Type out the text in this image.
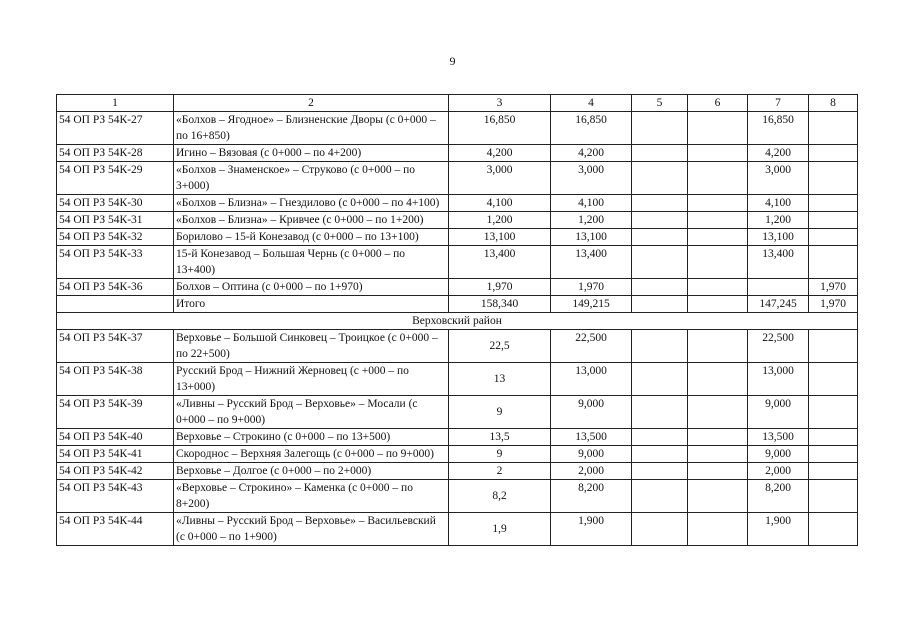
9
1	2	3	4	5	6	7	8
54 ОП РЗ 54К-27	«Болхов – Ягодное» – Близненские Дворы (с 0+000 – по 16+850)	16,850	16,850			16,850	
54 ОП РЗ 54К-28	Игино – Вязовая (с 0+000 – по 4+200)	4,200	4,200			4,200	
54 ОП РЗ 54К-29	«Болхов – Знаменское» – Струково (с 0+000 – по 3+000)	3,000	3,000			3,000	
54 ОП РЗ 54К-30	«Болхов – Близна» – Гнездилово (с 0+000 – по 4+100)	4,100	4,100			4,100	
54 ОП РЗ 54К-31	«Болхов – Близна» – Кривчее (с 0+000 – по 1+200)	1,200	1,200			1,200	
54 ОП РЗ 54К-32	Борилово – 15-й Конезавод (с 0+000 – по 13+100)	13,100	13,100			13,100	
54 ОП РЗ 54К-33	15-й Конезавод – Большая Чернь (с 0+000 – по 13+400)	13,400	13,400			13,400	
54 ОП РЗ 54К-36	Болхов – Оптина (с 0+000 – по 1+970)	1,970	1,970				1,970
	Итого	158,340	149,215			147,245	1,970
Верховский район							
54 ОП РЗ 54К-37	Верховье – Большой Синковец – Троицкое (с 0+000 – по 22+500)	22,5	22,500			22,500	
54 ОП РЗ 54К-38	Русский Брод – Нижний Жерновец (с +000 – по 13+000)	13	13,000			13,000	
54 ОП РЗ 54К-39	«Ливны – Русский Брод – Верховье» – Мосали (с 0+000 – по 9+000)	9	9,000			9,000	
54 ОП РЗ 54К-40	Верховье – Строкино (с 0+000 – по 13+500)	13,5	13,500			13,500	
54 ОП РЗ 54К-41	Скороднос – Верхняя Залегощь (с 0+000 – по 9+000)	9	9,000			9,000	
54 ОП РЗ 54К-42	Верховье – Долгое (с 0+000 – по 2+000)	2	2,000			2,000	
54 ОП РЗ 54К-43	«Верховье – Строкино» – Каменка (с 0+000 – по 8+200)	8,2	8,200			8,200	
54 ОП РЗ 54К-44	«Ливны – Русский Брод – Верховье» – Васильевский (с 0+000 – по 1+900)	1,9	1,900			1,900	
